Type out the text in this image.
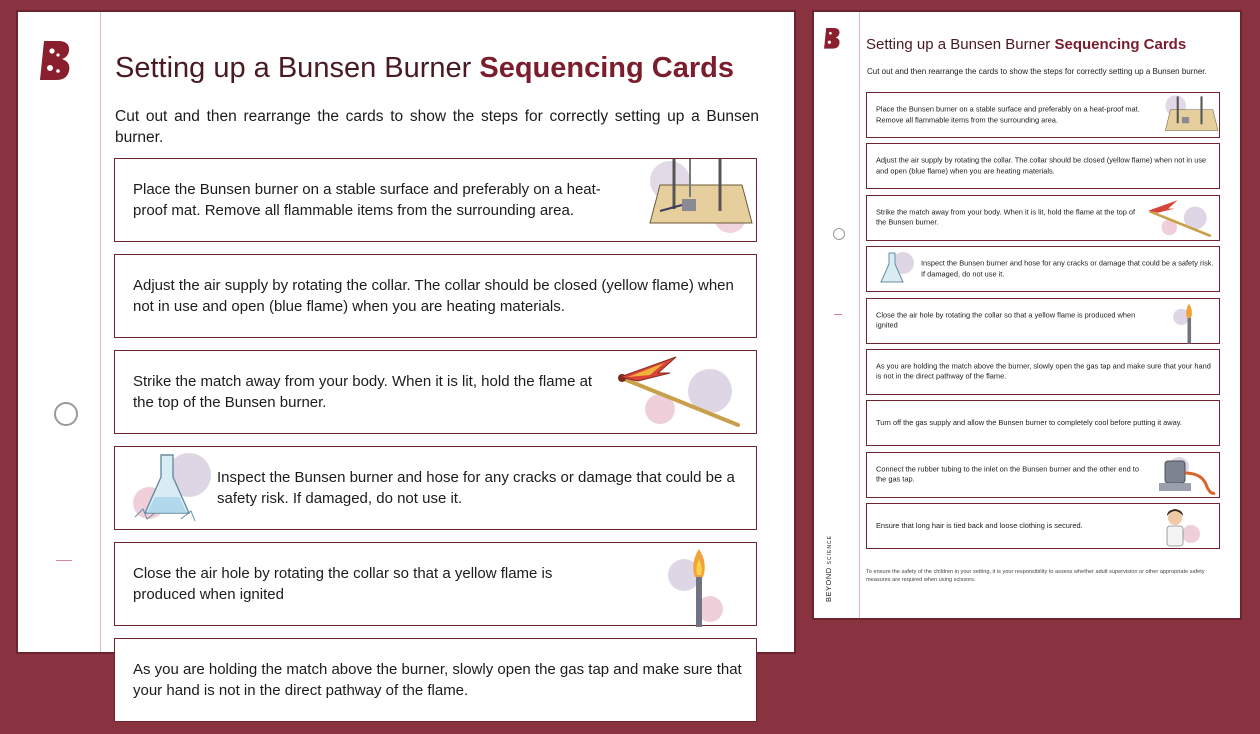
Setting up a Bunsen Burner Sequencing Cards
Cut out and then rearrange the cards to show the steps for correctly setting up a Bunsen burner.
Place the Bunsen burner on a stable surface and preferably on a heat-proof mat. Remove all flammable items from the surrounding area.
Adjust the air supply by rotating the collar. The collar should be closed (yellow flame) when not in use and open (blue flame) when you are heating materials.
Strike the match away from your body. When it is lit, hold the flame at the top of the Bunsen burner.
Inspect the Bunsen burner and hose for any cracks or damage that could be a safety risk. If damaged, do not use it.
Close the air hole by rotating the collar so that a yellow flame is produced when ignited
As you are holding the match above the burner, slowly open the gas tap and make sure that your hand is not in the direct pathway of the flame.
Setting up a Bunsen Burner Sequencing Cards
Cut out and then rearrange the cards to show the steps for correctly setting up a Bunsen burner.
Place the Bunsen burner on a stable surface and preferably on a heat-proof mat. Remove all flammable items from the surrounding area.
Adjust the air supply by rotating the collar. The collar should be closed (yellow flame) when not in use and open (blue flame) when you are heating materials.
Strike the match away from your body. When it is lit, hold the flame at the top of the Bunsen burner.
Inspect the Bunsen burner and hose for any cracks or damage that could be a safety risk. If damaged, do not use it.
Close the air hole by rotating the collar so that a yellow flame is produced when ignited
As you are holding the match above the burner, slowly open the gas tap and make sure that your hand is not in the direct pathway of the flame.
Turn off the gas supply and allow the Bunsen burner to completely cool before putting it away.
Connect the rubber tubing to the inlet on the Bunsen burner and the other end to the gas tap.
Ensure that long hair is tied back and loose clothing is secured.
To ensure the safety of the children in your setting, it is your responsibility to assess whether adult supervision or other appropriate safety measures are required when using scissors.
BEYONDSCIENCE
